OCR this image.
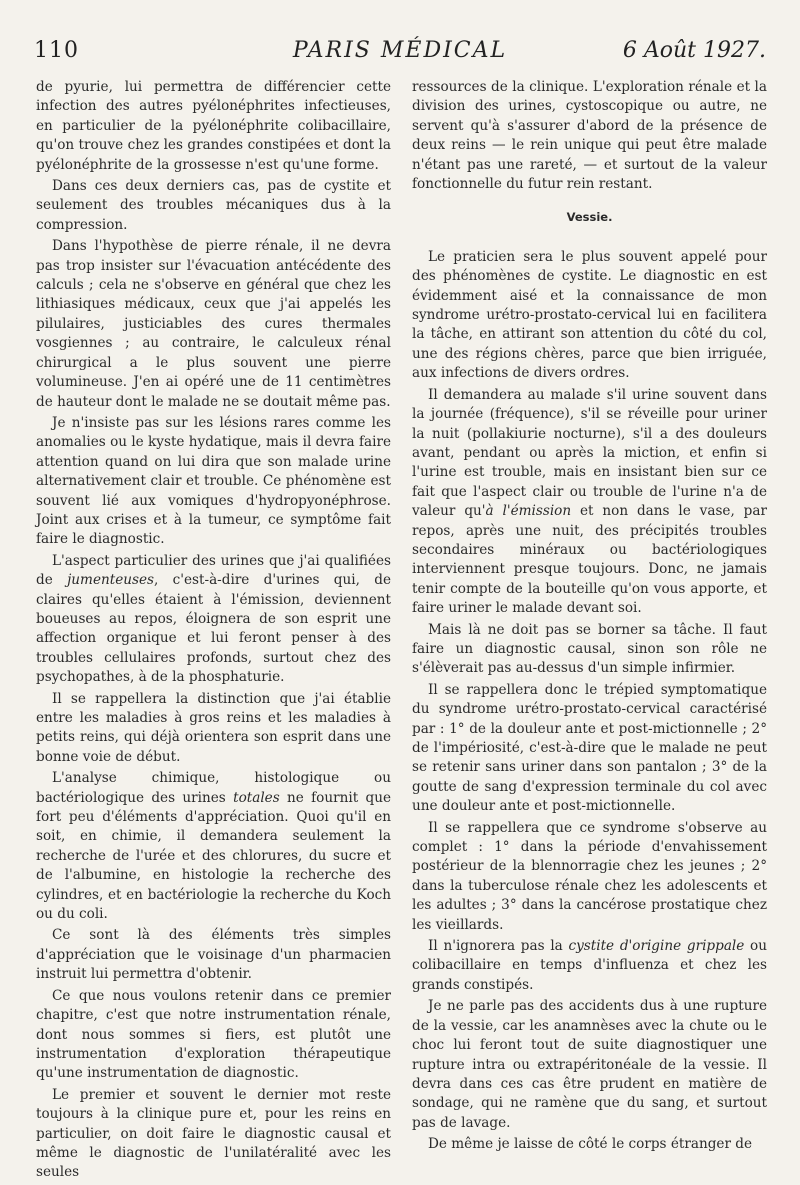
110	PARIS MÉDICAL	6 Août 1927.

de pyurie, lui permettra de différencier cette infection des autres pyélonéphrites infectieuses, en particulier de la pyélonéphrite colibacillaire, qu'on trouve chez les grandes constipées et dont la pyélonéphrite de la grossesse n'est qu'une forme.

Dans ces deux derniers cas, pas de cystite et seulement des troubles mécaniques dus à la compression.

Dans l'hypothèse de pierre rénale, il ne devra pas trop insister sur l'évacuation antécédente des calculs ; cela ne s'observe en général que chez les lithiasiques médicaux, ceux que j'ai appelés les pilulaires, justiciables des cures thermales vosgiennes ; au contraire, le calculeux rénal chirurgical a le plus souvent une pierre volumineuse. J'en ai opéré une de 11 centimètres de hauteur dont le malade ne se doutait même pas.

Je n'insiste pas sur les lésions rares comme les anomalies ou le kyste hydatique, mais il devra faire attention quand on lui dira que son malade urine alternativement clair et trouble. Ce phénomène est souvent lié aux vomiques d'hydropyonéphrose. Joint aux crises et à la tumeur, ce symptôme fait faire le diagnostic.

L'aspect particulier des urines que j'ai qualifiées de jumenteuses, c'est-à-dire d'urines qui, de claires qu'elles étaient à l'émission, deviennent boueuses au repos, éloignera de son esprit une affection organique et lui feront penser à des troubles cellulaires profonds, surtout chez des psychopathes, à de la phosphaturie.

Il se rappellera la distinction que j'ai établie entre les maladies à gros reins et les maladies à petits reins, qui déjà orientera son esprit dans une bonne voie de début.

L'analyse chimique, histologique ou bactériologique des urines totales ne fournit que fort peu d'éléments d'appréciation. Quoi qu'il en soit, en chimie, il demandera seulement la recherche de l'urée et des chlorures, du sucre et de l'albumine, en histologie la recherche des cylindres, et en bactériologie la recherche du Koch ou du coli.

Ce sont là des éléments très simples d'appréciation que le voisinage d'un pharmacien instruit lui permettra d'obtenir.

Ce que nous voulons retenir dans ce premier chapitre, c'est que notre instrumentation rénale, dont nous sommes si fiers, est plutôt une instrumentation d'exploration thérapeutique qu'une instrumentation de diagnostic.

Le premier et souvent le dernier mot reste toujours à la clinique pure et, pour les reins en particulier, on doit faire le diagnostic causal et même le diagnostic de l'unilatéralité avec les seules

ressources de la clinique. L'exploration rénale et la division des urines, cystoscopique ou autre, ne servent qu'à s'assurer d'abord de la présence de deux reins — le rein unique qui peut être malade n'étant pas une rareté, — et surtout de la valeur fonctionnelle du futur rein restant.

Vessie.

Le praticien sera le plus souvent appelé pour des phénomènes de cystite. Le diagnostic en est évidemment aisé et la connaissance de mon syndrome urétro-prostato-cervical lui en facilitera la tâche, en attirant son attention du côté du col, une des régions chères, parce que bien irriguée, aux infections de divers ordres.

Il demandera au malade s'il urine souvent dans la journée (fréquence), s'il se réveille pour uriner la nuit (pollakiurie nocturne), s'il a des douleurs avant, pendant ou après la miction, et enfin si l'urine est trouble, mais en insistant bien sur ce fait que l'aspect clair ou trouble de l'urine n'a de valeur qu'à l'émission et non dans le vase, par repos, après une nuit, des précipités troubles secondaires minéraux ou bactériologiques interviennent presque toujours. Donc, ne jamais tenir compte de la bouteille qu'on vous apporte, et faire uriner le malade devant soi.

Mais là ne doit pas se borner sa tâche. Il faut faire un diagnostic causal, sinon son rôle ne s'élèverait pas au-dessus d'un simple infirmier.

Il se rappellera donc le trépied symptomatique du syndrome urétro-prostato-cervical caractérisé par : 1° de la douleur ante et post-mictionnelle ; 2° de l'impériosité, c'est-à-dire que le malade ne peut se retenir sans uriner dans son pantalon ; 3° de la goutte de sang d'expression terminale du col avec une douleur ante et post-mictionnelle.

Il se rappellera que ce syndrome s'observe au complet : 1° dans la période d'envahissement postérieur de la blennorragie chez les jeunes ; 2° dans la tuberculose rénale chez les adolescents et les adultes ; 3° dans la cancérose prostatique chez les vieillards.

Il n'ignorera pas la cystite d'origine grippale ou colibacillaire en temps d'influenza et chez les grands constipés.

Je ne parle pas des accidents dus à une rupture de la vessie, car les anamnèses avec la chute ou le choc lui feront tout de suite diagnostiquer une rupture intra ou extrapéritonéale de la vessie. Il devra dans ces cas être prudent en matière de sondage, qui ne ramène que du sang, et surtout pas de lavage.

De même je laisse de côté le corps étranger de
